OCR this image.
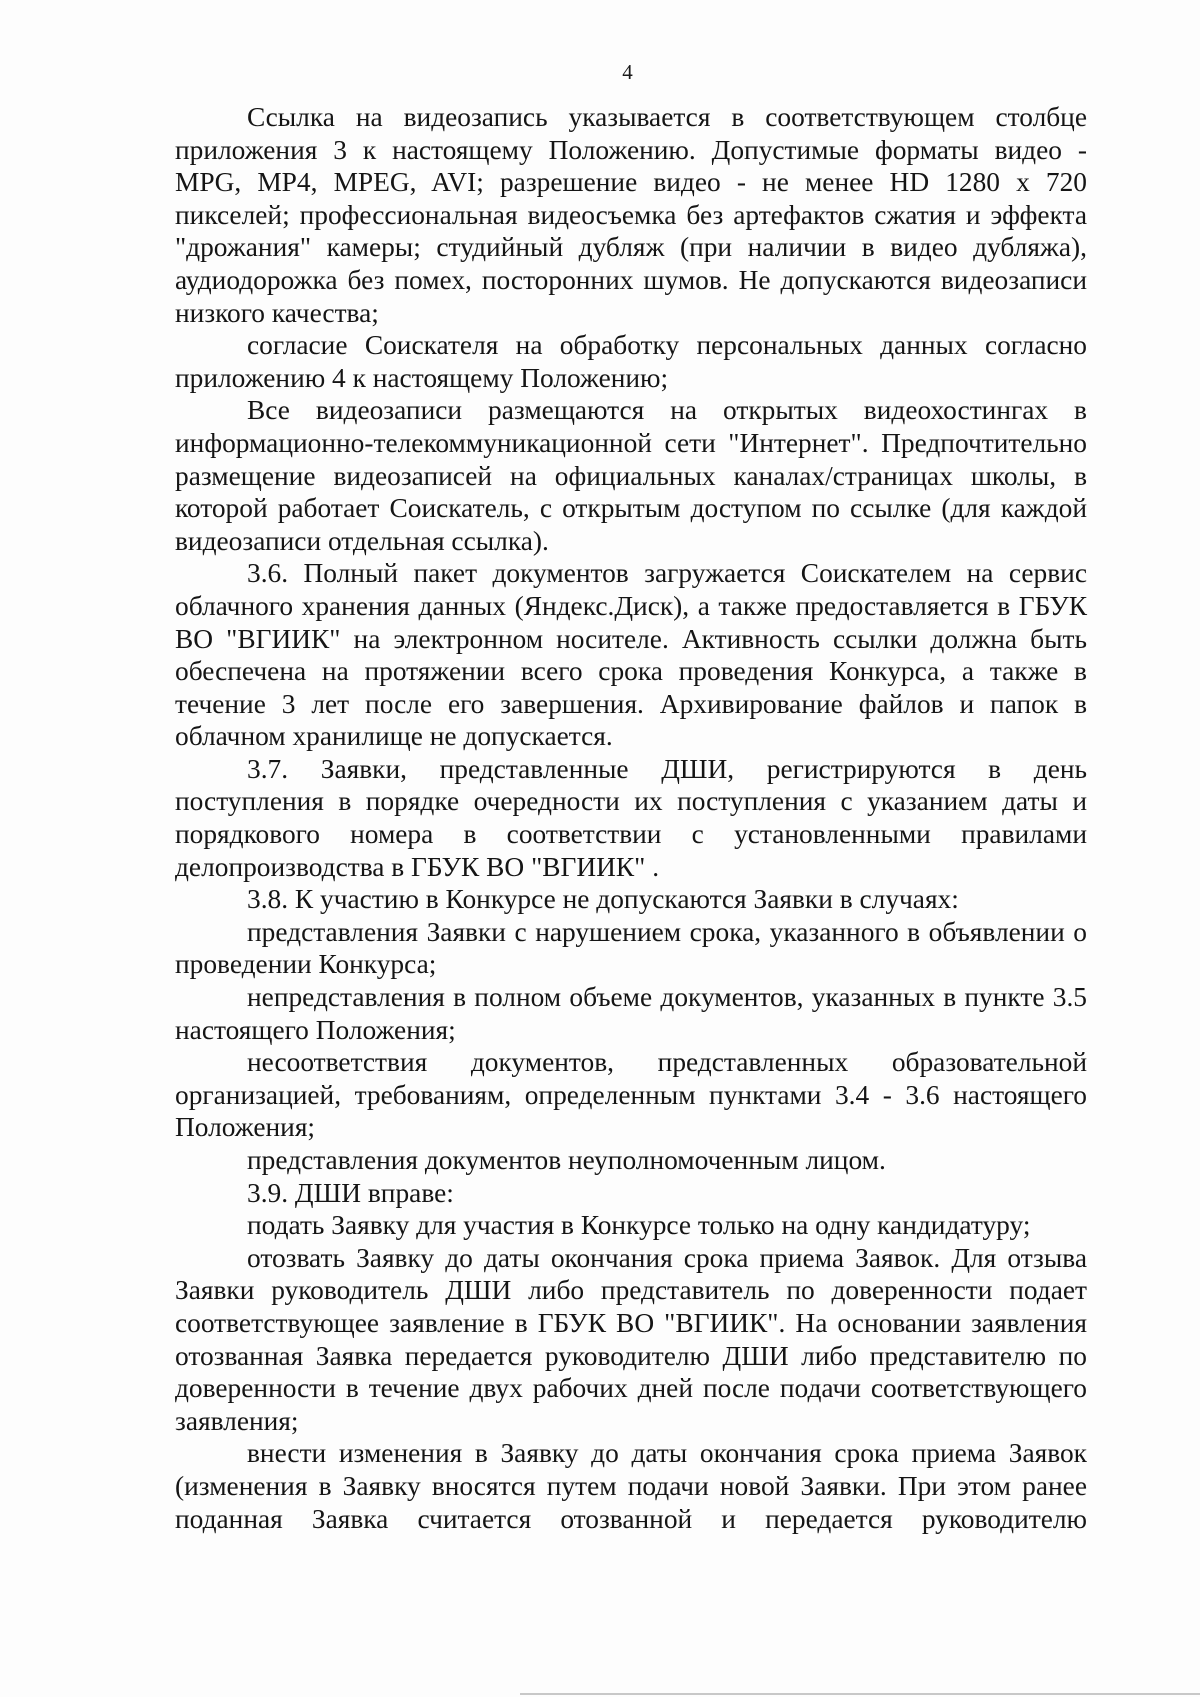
4

Ссылка на видеозапись указывается в соответствующем столбце приложения 3 к настоящему Положению. Допустимые форматы видео - MPG, MP4, MPEG, AVI; разрешение видео - не менее HD 1280 x 720 пикселей; профессиональная видеосъемка без артефактов сжатия и эффекта "дрожания" камеры; студийный дубляж (при наличии в видео дубляжа), аудиодорожка без помех, посторонних шумов. Не допускаются видеозаписи низкого качества;

согласие Соискателя на обработку персональных данных согласно приложению 4 к настоящему Положению;

Все видеозаписи размещаются на открытых видеохостингах в информационно-телекоммуникационной сети "Интернет". Предпочтительно размещение видеозаписей на официальных каналах/страницах школы, в которой работает Соискатель, с открытым доступом по ссылке (для каждой видеозаписи отдельная ссылка).

3.6. Полный пакет документов загружается Соискателем на сервис облачного хранения данных (Яндекс.Диск), а также предоставляется в ГБУК ВО "ВГИИК" на электронном носителе. Активность ссылки должна быть обеспечена на протяжении всего срока проведения Конкурса, а также в течение 3 лет после его завершения. Архивирование файлов и папок в облачном хранилище не допускается.

3.7. Заявки, представленные ДШИ, регистрируются в день поступления в порядке очередности их поступления с указанием даты и порядкового номера в соответствии с установленными правилами делопроизводства в ГБУК ВО "ВГИИК" .

3.8. К участию в Конкурсе не допускаются Заявки в случаях:

представления Заявки с нарушением срока, указанного в объявлении о проведении Конкурса;

непредставления в полном объеме документов, указанных в пункте 3.5 настоящего Положения;

несоответствия документов, представленных образовательной организацией, требованиям, определенным пунктами 3.4 - 3.6 настоящего Положения;

представления документов неуполномоченным лицом.

3.9. ДШИ вправе:

подать Заявку для участия в Конкурсе только на одну кандидатуру;

отозвать Заявку до даты окончания срока приема Заявок. Для отзыва Заявки руководитель ДШИ либо представитель по доверенности подает соответствующее заявление в ГБУК ВО "ВГИИК". На основании заявления отозванная Заявка передается руководителю ДШИ либо представителю по доверенности в течение двух рабочих дней после подачи соответствующего заявления;

внести изменения в Заявку до даты окончания срока приема Заявок (изменения в Заявку вносятся путем подачи новой Заявки. При этом ранее поданная Заявка считается отозванной и передается руководителю
